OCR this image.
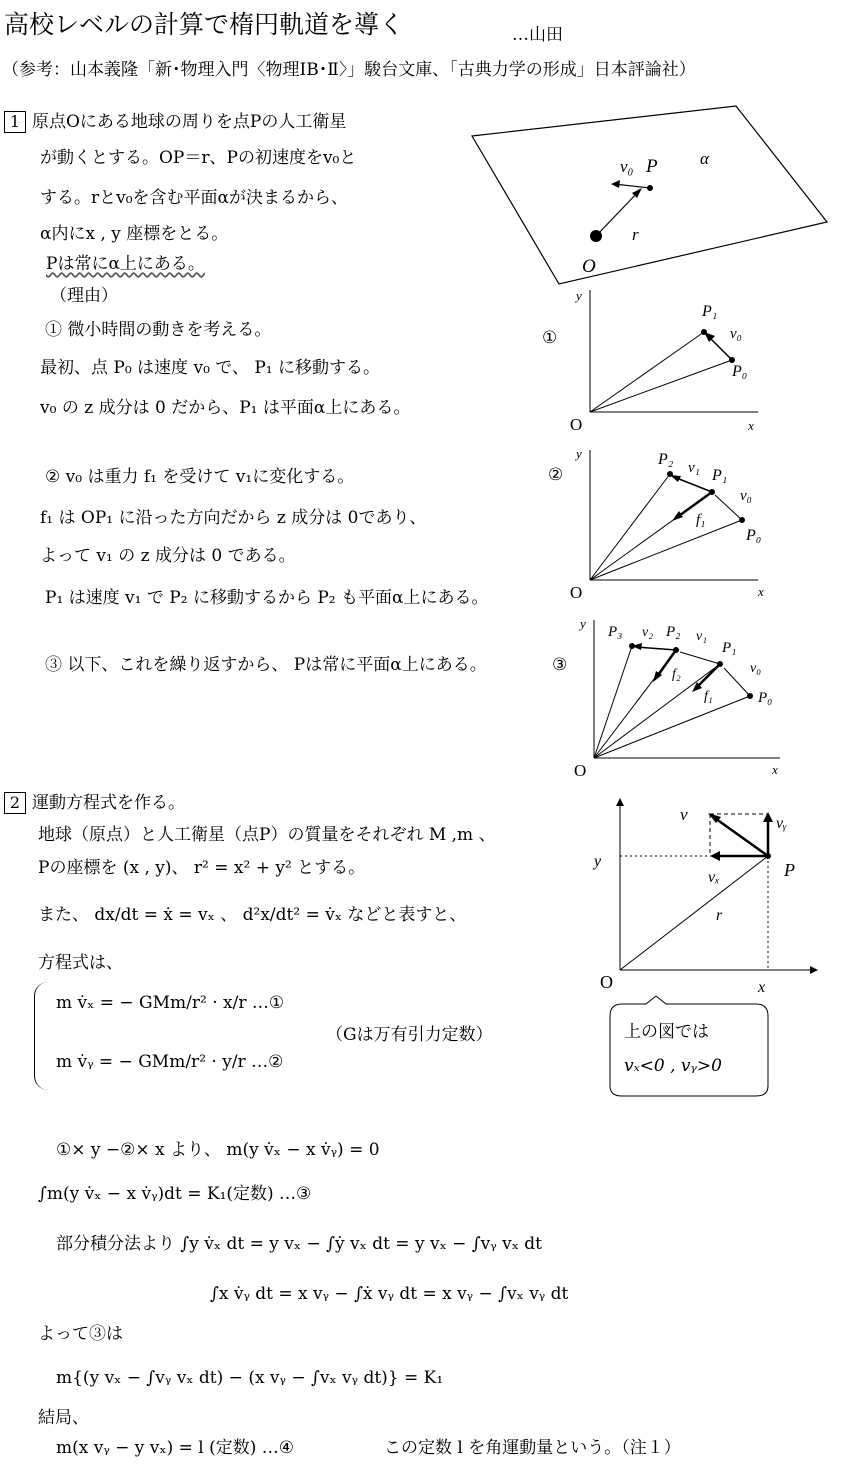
高校レベルの計算で楕円軌道を導く	…山田
（参考：山本義隆「新･物理入門〈物理ⅠB･Ⅱ〉」駿台文庫、「古典力学の形成」日本評論社）
1 原点Oにある地球の周りを点Pの人工衛星
が動くとする。OP＝r、Pの初速度をv₀と
する。rとv₀を含む平面αが決まるから、
α内にx , y 座標をとる。
Pは常にα上にある。
（理由）
① 微小時間の動きを考える。
最初、点 P₀ は速度 v₀ で、 P₁ に移動する。
v₀ の z 成分は 0 だから、P₁ は平面α上にある。
② v₀ は重力 f₁ を受けて v₁に変化する。
f₁ は OP₁ に沿った方向だから z 成分は 0であり、
よって v₁ の z 成分は 0 である。
P₁ は速度 v₁ で P₂ に移動するから P₂ も平面α上にある。
③ 以下、これを繰り返すから、 Pは常に平面α上にある。
α
P
v₀
r
O
①
y
x
O
P₀
P₁
v₀
②
y
x
O
P₀
P₁
P₂
v₀
v₁
f₁
③
y
x
O
P₀
P₁
P₂
P₃
v₀
v₁
v₂
f₁
f₂
2 運動方程式を作る。
地球（原点）と人工衛星（点P）の質量をそれぞれ M ,m 、
Pの座標を (x , y)、 r² = x² + y² とする。
また、 dx/dt = ẋ = vₓ 、 d²x/dt² = v̇ₓ などと表すと、
方程式は、
m v̇ₓ = − GMm/r² · x/r …①
m v̇ᵧ = − GMm/r² · y/r …②
（Gは万有引力定数）
①× y −②× x より、 m(y v̇ₓ − x v̇ᵧ) = 0
∫m(y v̇ₓ − x v̇ᵧ)dt = K₁(定数) …③
部分積分法より ∫y v̇ₓ dt = y vₓ − ∫ẏ vₓ dt = y vₓ − ∫vᵧ vₓ dt
∫x v̇ᵧ dt = x vᵧ − ∫ẋ vᵧ dt = x vᵧ − ∫vₓ vᵧ dt
よって③は
m{(y vₓ − ∫vᵧ vₓ dt) − (x vᵧ − ∫vₓ vᵧ dt)} = K₁
結局、
m(x vᵧ − y vₓ) = l (定数) …④	この定数 l を角運動量という。（注１）
v	vᵧ
vₓ	P
y
r
O	x
上の図では
vₓ<0 , vᵧ>0
